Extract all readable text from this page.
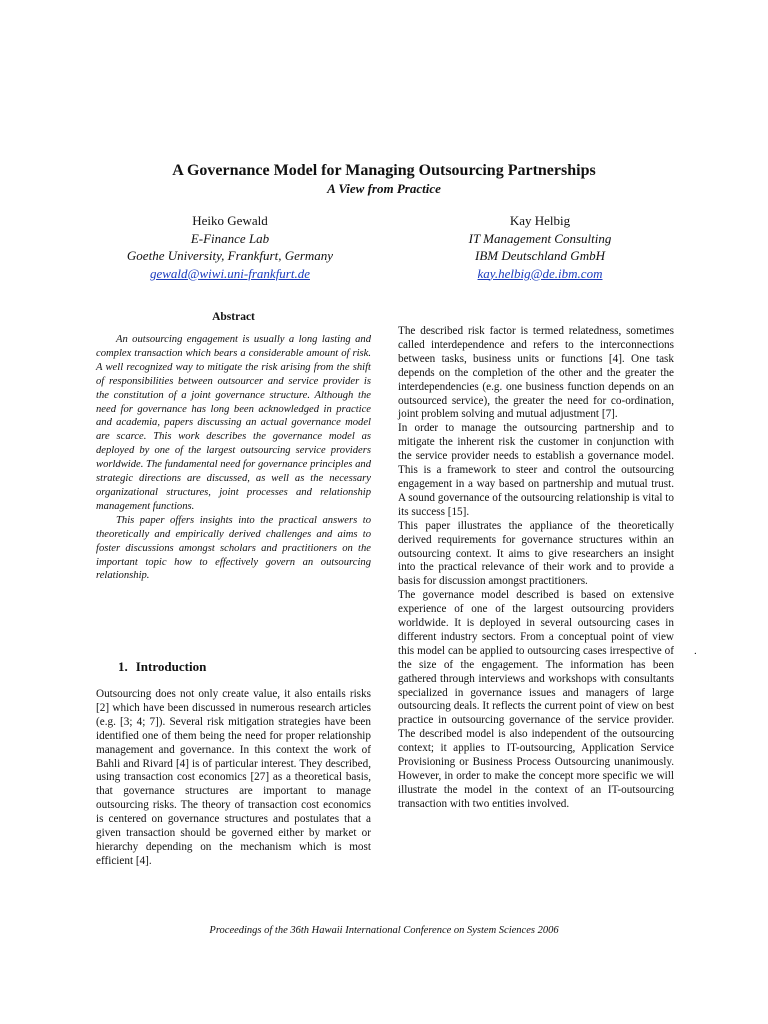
A Governance Model for Managing Outsourcing Partnerships
A View from Practice
Heiko Gewald
E-Finance Lab
Goethe University, Frankfurt, Germany
gewald@wiwi.uni-frankfurt.de
Kay Helbig
IT Management Consulting
IBM Deutschland GmbH
kay.helbig@de.ibm.com
Abstract

An outsourcing engagement is usually a long lasting and complex transaction which bears a considerable amount of risk. A well recognized way to mitigate the risk arising from the shift of responsibilities between outsourcer and service provider is the constitution of a joint governance structure. Although the need for governance has long been acknowledged in practice and academia, papers discussing an actual governance model are scarce. This work describes the governance model as deployed by one of the largest outsourcing service providers worldwide. The fundamental need for governance principles and strategic directions are discussed, as well as the necessary organizational structures, joint processes and relationship management functions.

This paper offers insights into the practical answers to theoretically and empirically derived challenges and aims to foster discussions amongst scholars and practitioners on the important topic how to effectively govern an outsourcing relationship.

1. Introduction

Outsourcing does not only create value, it also entails risks [2] which have been discussed in numerous research articles (e.g. [3; 4; 7]). Several risk mitigation strategies have been identified one of them being the need for proper relationship management and governance. In this context the work of Bahli and Rivard [4] is of particular interest. They described, using transaction cost economics [27] as a theoretical basis, that governance structures are important to manage outsourcing risks. The theory of transaction cost economics is centered on governance structures and postulates that a given transaction should be governed either by market or hierarchy depending on the mechanism which is most efficient [4].

The described risk factor is termed relatedness, sometimes called interdependence and refers to the interconnections between tasks, business units or functions [4]. One task depends on the completion of the other and the greater the interdependencies (e.g. one business function depends on an outsourced service), the greater the need for co-ordination, joint problem solving and mutual adjustment [7].

In order to manage the outsourcing partnership and to mitigate the inherent risk the customer in conjunction with the service provider needs to establish a governance model. This is a framework to steer and control the outsourcing engagement in a way based on partnership and mutual trust. A sound governance of the outsourcing relationship is vital to its success [15].

This paper illustrates the appliance of the theoretically derived requirements for governance structures within an outsourcing context. It aims to give researchers an insight into the practical relevance of their work and to provide a basis for discussion amongst practitioners.

The governance model described is based on extensive experience of one of the largest outsourcing providers worldwide. It is deployed in several outsourcing cases in different industry sectors. From a conceptual point of view this model can be applied to outsourcing cases irrespective of the size of the engagement. The information has been gathered through interviews and workshops with consultants specialized in governance issues and managers of large outsourcing deals. It reflects the current point of view on best practice in outsourcing governance of the service provider. The described model is also independent of the outsourcing context; it applies to IT-outsourcing, Application Service Provisioning or Business Process Outsourcing unanimously. However, in order to make the concept more specific we will illustrate the model in the context of an IT-outsourcing transaction with two entities involved.

.
Proceedings of the 36th Hawaii International Conference on System Sciences 2006
